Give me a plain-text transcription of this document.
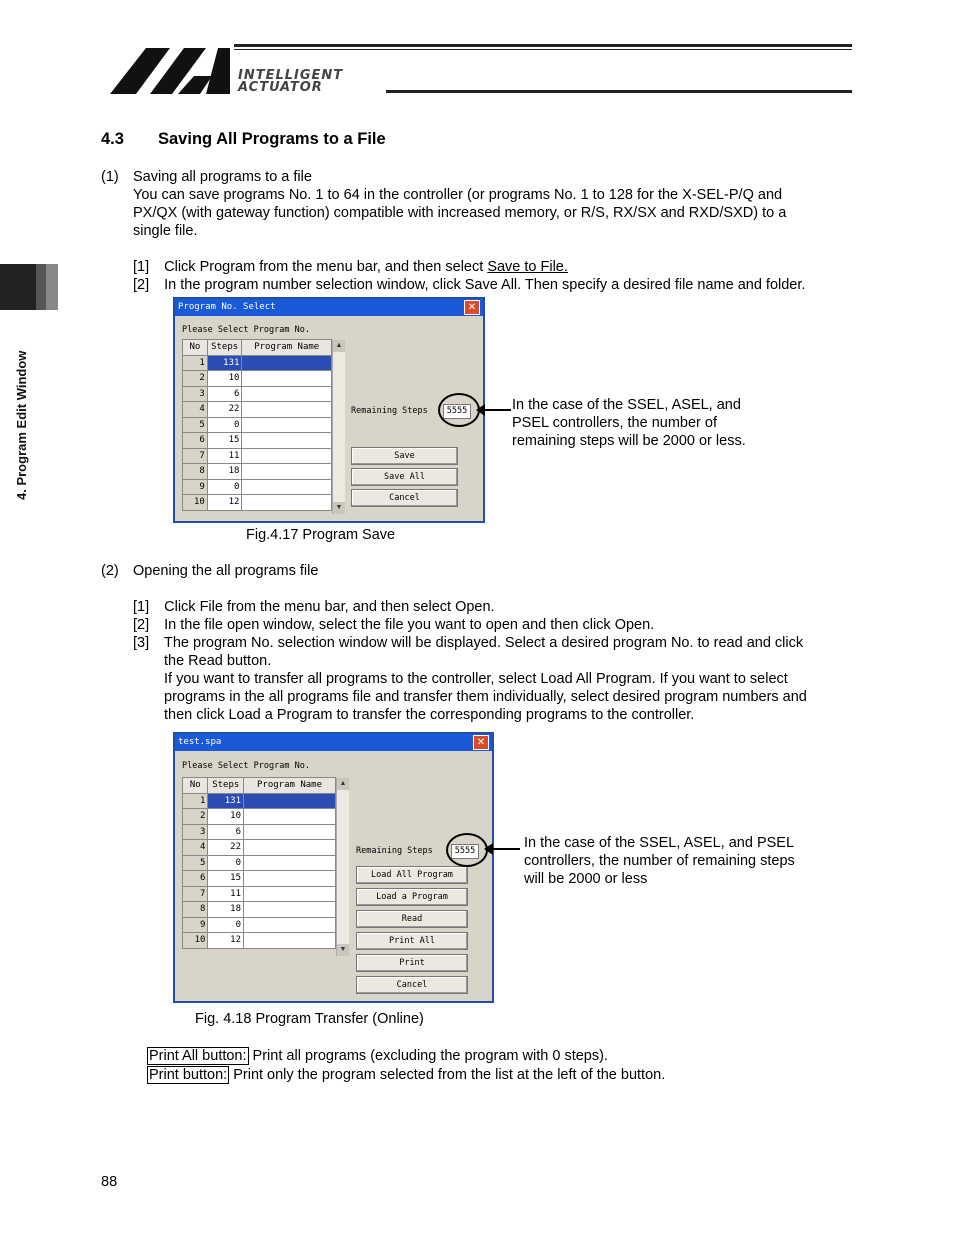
INTELLIGENT
ACTUATOR
4. Program Edit Window
4.3 Saving All Programs to a File
(1) Saving all programs to a file
You can save programs No. 1 to 64 in the controller (or programs No. 1 to 128 for the X-SEL-P/Q and
PX/QX (with gateway function) compatible with increased memory, or R/S, RX/SX and RXD/SXD) to a
single file.
[1] Click Program from the menu bar, and then select Save to File.
[2] In the program number selection window, click Save All. Then specify a desired file name and folder.
Program No. Select	✕
Please Select Program No.
No	Steps	Program Name
1	131	
2	10	
3	6	
4	22	
5	0	
6	15	
7	11	
8	18	
9	0	
10	12	
▲
▼
Remaining Steps	5555
Save
Save All
Cancel
In the case of the SSEL, ASEL, and
PSEL controllers, the number of
remaining steps will be 2000 or less.
Fig.4.17 Program Save
(2) Opening the all programs file
[1] Click File from the menu bar, and then select Open.
[2] In the file open window, select the file you want to open and then click Open.
[3] The program No. selection window will be displayed. Select a desired program No. to read and click
the Read button.
If you want to transfer all programs to the controller, select Load All Program. If you want to select
programs in the all programs file and transfer them individually, select desired program numbers and
then click Load a Program to transfer the corresponding programs to the controller.
test.spa	✕
Please Select Program No.
No	Steps	Program Name
1	131	
2	10	
3	6	
4	22	
5	0	
6	15	
7	11	
8	18	
9	0	
10	12	
▲
▼
Remaining Steps	5555
Load All Program
Load a Program
Read
Print All
Print
Cancel
In the case of the SSEL, ASEL, and PSEL
controllers, the number of remaining steps
will be 2000 or less
Fig. 4.18 Program Transfer (Online)
Print All button: Print all programs (excluding the program with 0 steps).
Print button: Print only the program selected from the list at the left of the button.
88
